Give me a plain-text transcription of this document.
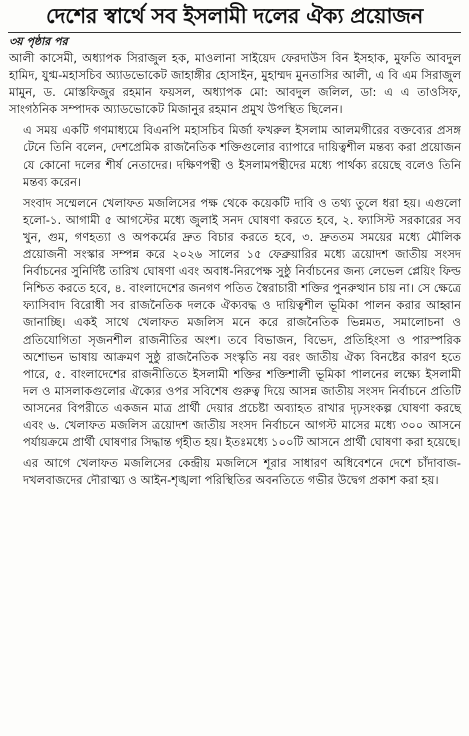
দেশের স্বার্থে সব ইসলামী দলের ঐক্য প্রয়োজন
৩য় পৃষ্ঠার পর

আলী কাসেমী, অধ্যাপক সিরাজুল হক, মাওলানা সাইয়েদ ফেরদাউস বিন ইসহাক, মুফতি আবদুল হামিদ, যুগ্ম-মহাসচিব অ্যাডভোকেট জাহাঙ্গীর হোসাইন, মুহাম্মদ মুনতাসির আলী, এ বি এম সিরাজুল মামুন, ড. মোস্তফিজুর রহমান ফয়সল, অধ্যাপক মো: আবদুল জলিল, ডা: এ এ তাওসিফ, সাংগঠনিক সম্পাদক অ্যাডভোকেট মিজানুর রহমান প্রমুখ উপস্থিত ছিলেন।

এ সময় একটি গণমাধ্যমে বিএনপি মহাসচিব মির্জা ফখরুল ইসলাম আলমগীরের বক্তব্যের প্রসঙ্গ টেনে তিনি বলেন, দেশপ্রেমিক রাজনৈতিক শক্তিগুলোর ব্যাপারে দায়িত্বশীল মন্তব্য করা প্রয়োজন যে কোনো দলের শীর্ষ নেতাদের। দক্ষিণপন্থী ও ইসলামপন্থীদের মধ্যে পার্থক্য রয়েছে বলেও তিনি মন্তব্য করেন।

সংবাদ সম্মেলনে খেলাফত মজলিসের পক্ষ থেকে কয়েকটি দাবি ও তথ্য তুলে ধরা হয়। এগুলো হলো-১. আগামী ৫ আগস্টের মধ্যে জুলাই সনদ ঘোষণা করতে হবে, ২. ফ্যাসিস্ট সরকারের সব খুন, গুম, গণহত্যা ও অপকর্মের দ্রুত বিচার করতে হবে, ৩. দ্রুততম সময়ের মধ্যে মৌলিক প্রয়োজনী সংস্কার সম্পন্ন করে ২০২৬ সালের ১৫ ফেব্রুয়ারির মধ্যে ত্রয়োদশ জাতীয় সংসদ নির্বাচনের সুনির্দিষ্ট তারিখ ঘোষণা এবং অবাধ-নিরপেক্ষ সুষ্ঠু নির্বাচনের জন্য লেভেল প্লেয়িং ফিল্ড নিশ্চিত করতে হবে, ৪. বাংলাদেশের জনগণ পতিত স্বৈরাচারী শক্তির পুনরুত্থান চায় না। সে ক্ষেত্রে ফ্যাসিবাদ বিরোধী সব রাজনৈতিক দলকে ঐক্যবদ্ধ ও দায়িত্বশীল ভূমিকা পালন করার আহ্বান জানাচ্ছি। একই সাথে খেলাফত মজলিস মনে করে রাজনৈতিক ভিন্নমত, সমালোচনা ও প্রতিযোগিতা সৃজনশীল রাজনীতির অংশ। তবে বিভাজন, বিভেদ, প্রতিহিংসা ও পারস্পরিক অশোভন ভাষায় আক্রমণ সুষ্ঠু রাজনৈতিক সংস্কৃতি নয় বরং জাতীয় ঐক্য বিনষ্টের কারণ হতে পারে, ৫. বাংলাদেশের রাজনীতিতে ইসলামী শক্তির শক্তিশালী ভূমিকা পালনের লক্ষ্যে ইসলামী দল ও মাসলাকগুলোর ঐক্যের ওপর সবিশেষ গুরুত্ব দিয়ে আসন্ন জাতীয় সংসদ নির্বাচনে প্রতিটি আসনের বিপরীতে একজন মাত্র প্রার্থী দেয়ার প্রচেষ্টা অব্যাহত রাখার দৃঢ়সংকল্প ঘোষণা করছে এবং ৬. খেলাফত মজলিস ত্রয়োদশ জাতীয় সংসদ নির্বাচনে আগস্ট মাসের মধ্যে ৩০০ আসনে পর্যায়ক্রমে প্রার্থী ঘোষণার সিদ্ধান্ত গৃহীত হয়। ইতঃমধ্যে ১০০টি আসনে প্রার্থী ঘোষণা করা হয়েছে।

এর আগে খেলাফত মজলিসের কেন্দ্রীয় মজলিসে শূরার সাধারণ অধিবেশনে দেশে চাঁদাবাজ-দখলবাজদের দৌরাত্ম্য ও আইন-শৃঙ্খলা পরিস্থিতির অবনতিতে গভীর উদ্বেগ প্রকাশ করা হয়।
